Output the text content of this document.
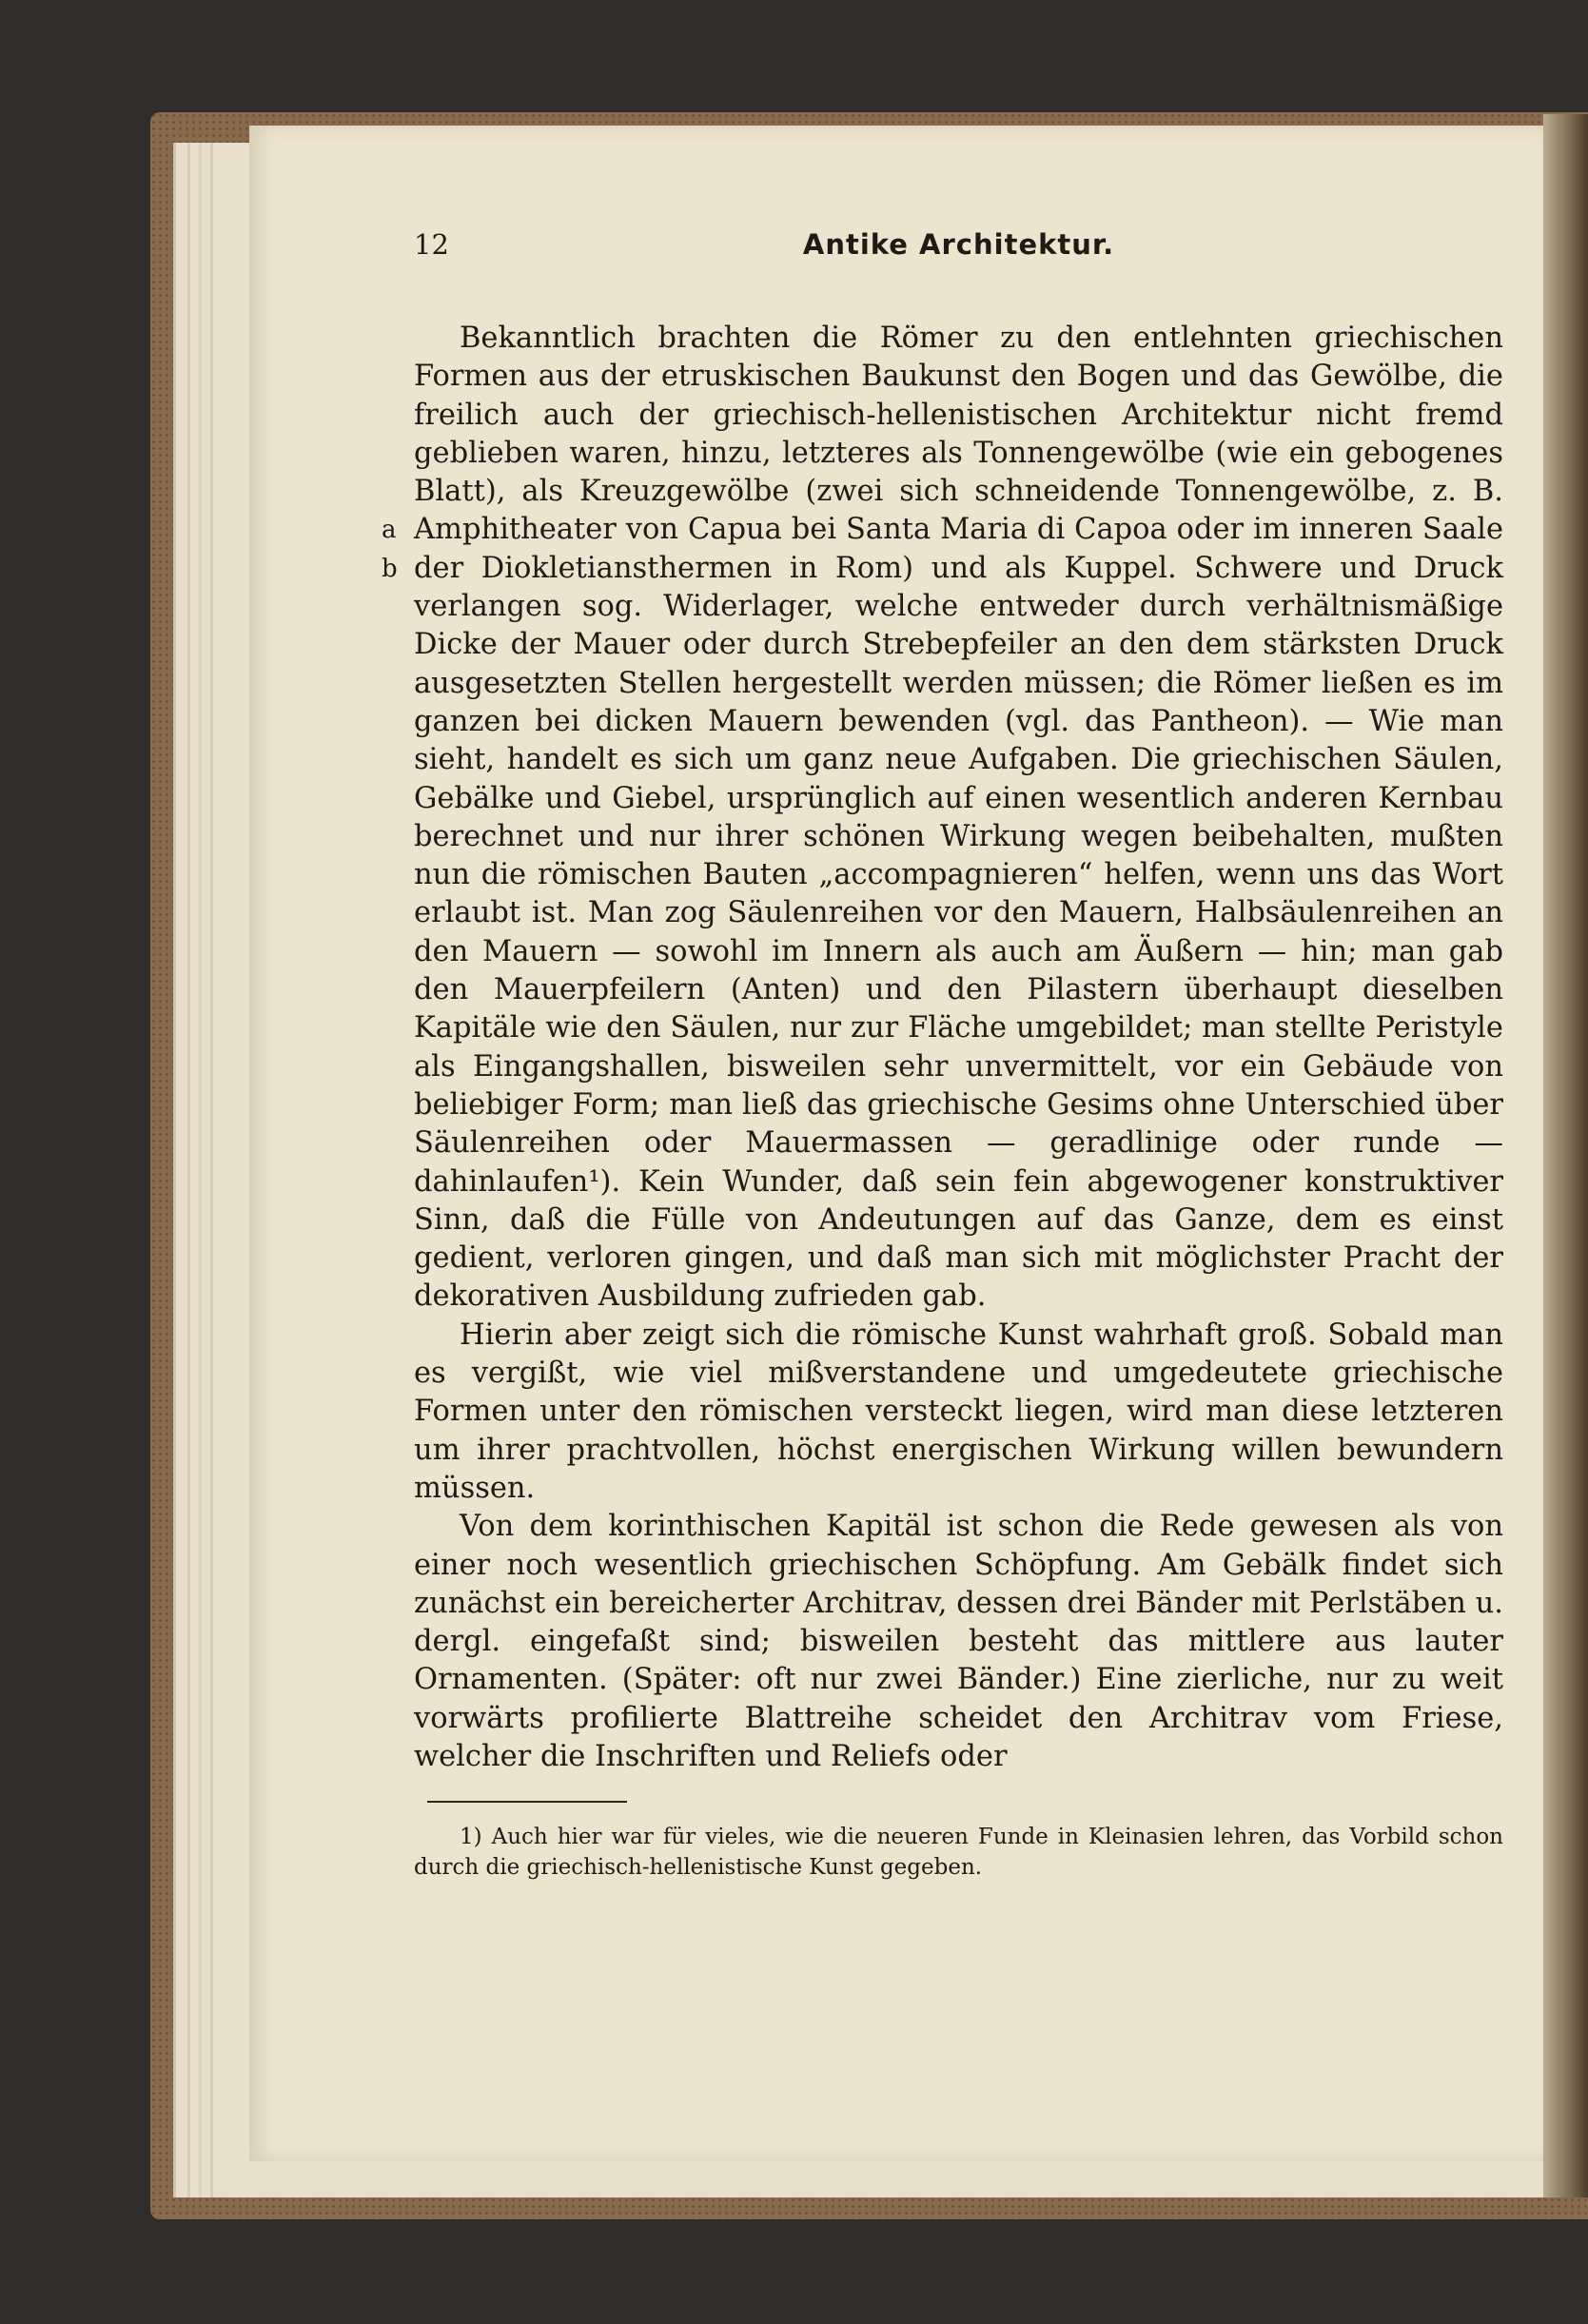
12	Antike Architektur.
a
b

Bekanntlich brachten die Römer zu den entlehnten griechischen Formen aus der etruskischen Baukunst den Bogen und das Gewölbe, die freilich auch der griechisch-hellenistischen Architektur nicht fremd geblieben waren, hinzu, letzteres als Tonnengewölbe (wie ein gebogenes Blatt), als Kreuzgewölbe (zwei sich schneidende Tonnengewölbe, z. B. Amphitheater von Capua bei Santa Maria di Capoa oder im inneren Saale der Diokletiansthermen in Rom) und als Kuppel. Schwere und Druck verlangen sog. Widerlager, welche entweder durch verhältnismäßige Dicke der Mauer oder durch Strebepfeiler an den dem stärksten Druck ausgesetzten Stellen hergestellt werden müssen; die Römer ließen es im ganzen bei dicken Mauern bewenden (vgl. das Pantheon). — Wie man sieht, handelt es sich um ganz neue Aufgaben. Die griechischen Säulen, Gebälke und Giebel, ursprünglich auf einen wesentlich anderen Kernbau berechnet und nur ihrer schönen Wirkung wegen beibehalten, mußten nun die römischen Bauten „accompagnieren“ helfen, wenn uns das Wort erlaubt ist. Man zog Säulenreihen vor den Mauern, Halbsäulenreihen an den Mauern — sowohl im Innern als auch am Äußern — hin; man gab den Mauerpfeilern (Anten) und den Pilastern überhaupt dieselben Kapitäle wie den Säulen, nur zur Fläche umgebildet; man stellte Peristyle als Eingangshallen, bisweilen sehr unvermittelt, vor ein Gebäude von beliebiger Form; man ließ das griechische Gesims ohne Unterschied über Säulenreihen oder Mauermassen — geradlinige oder runde — dahinlaufen¹). Kein Wunder, daß sein fein abgewogener konstruktiver Sinn, daß die Fülle von Andeutungen auf das Ganze, dem es einst gedient, verloren gingen, und daß man sich mit möglichster Pracht der dekorativen Ausbildung zufrieden gab.

Hierin aber zeigt sich die römische Kunst wahrhaft groß. Sobald man es vergißt, wie viel mißverstandene und umgedeutete griechische Formen unter den römischen versteckt liegen, wird man diese letzteren um ihrer prachtvollen, höchst energischen Wirkung willen bewundern müssen.

Von dem korinthischen Kapitäl ist schon die Rede gewesen als von einer noch wesentlich griechischen Schöpfung. Am Gebälk findet sich zunächst ein bereicherter Architrav, dessen drei Bänder mit Perlstäben u. dergl. eingefaßt sind; bisweilen besteht das mittlere aus lauter Ornamenten. (Später: oft nur zwei Bänder.) Eine zierliche, nur zu weit vorwärts profilierte Blattreihe scheidet den Architrav vom Friese, welcher die Inschriften und Reliefs oder

1) Auch hier war für vieles, wie die neueren Funde in Kleinasien lehren, das Vorbild schon durch die griechisch-hellenistische Kunst gegeben.
